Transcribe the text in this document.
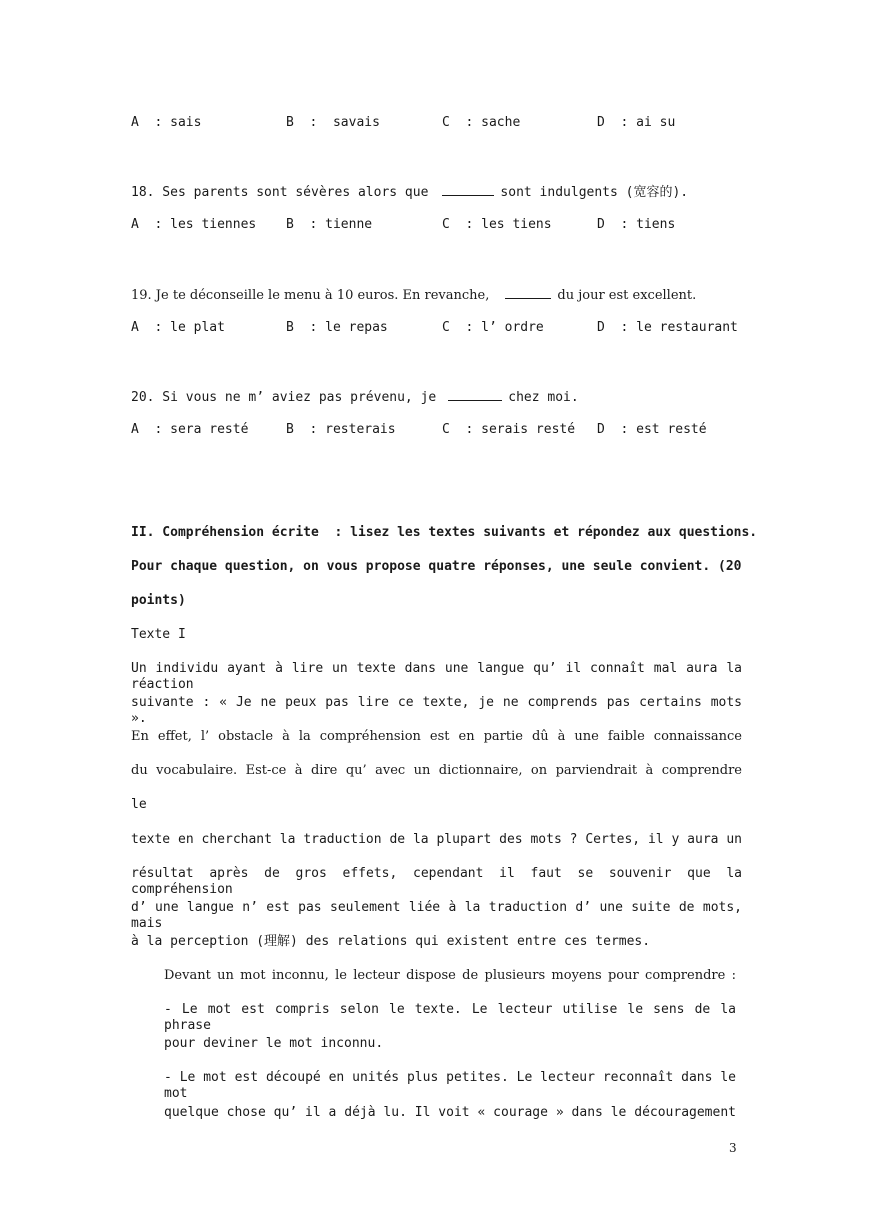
A  : sais	B  :  savais	C  : sache	D  : ai su
18. Ses parents sont sévères alors que	sont indulgents (宽容的).
A  : les tiennes B  : tienne	C  : les tiens	D  : tiens
19. Je te déconseille le menu à 10 euros. En revanche,	du jour est excellent.
A  : le plat	B  : le repas	C  : l’ ordre	D  : le restaurant
20. Si vous ne m’ aviez pas prévenu, je	chez moi.
A  : sera resté	B  : resterais	C  : serais resté D  : est resté
II. Compréhension écrite  : lisez les textes suivants et répondez aux questions.
Pour chaque question, on vous propose quatre réponses, une seule convient. (20
points)
Texte I
Un individu ayant à lire un texte dans une langue qu’ il connaît mal aura la réaction
suivante : « Je ne peux pas lire ce texte, je ne comprends pas certains mots ».
En effet, l’ obstacle à la compréhension est en partie dû à une faible connaissance
du vocabulaire. Est-ce à dire qu’ avec un dictionnaire, on parviendrait à comprendre
le
texte en cherchant la traduction de la plupart des mots ? Certes, il y aura un
résultat après de gros effets, cependant il faut se souvenir que la compréhension
d’ une langue n’ est pas seulement liée à la traduction d’ une suite de mots, mais
à la perception (理解) des relations qui existent entre ces termes.
Devant un mot inconnu, le lecteur dispose de plusieurs moyens pour comprendre :
- Le mot est compris selon le texte. Le lecteur utilise le sens de la phrase
pour deviner le mot inconnu.
- Le mot est découpé en unités plus petites. Le lecteur reconnaît dans le mot
quelque chose qu’ il a déjà lu. Il voit « courage » dans le découragement
3
